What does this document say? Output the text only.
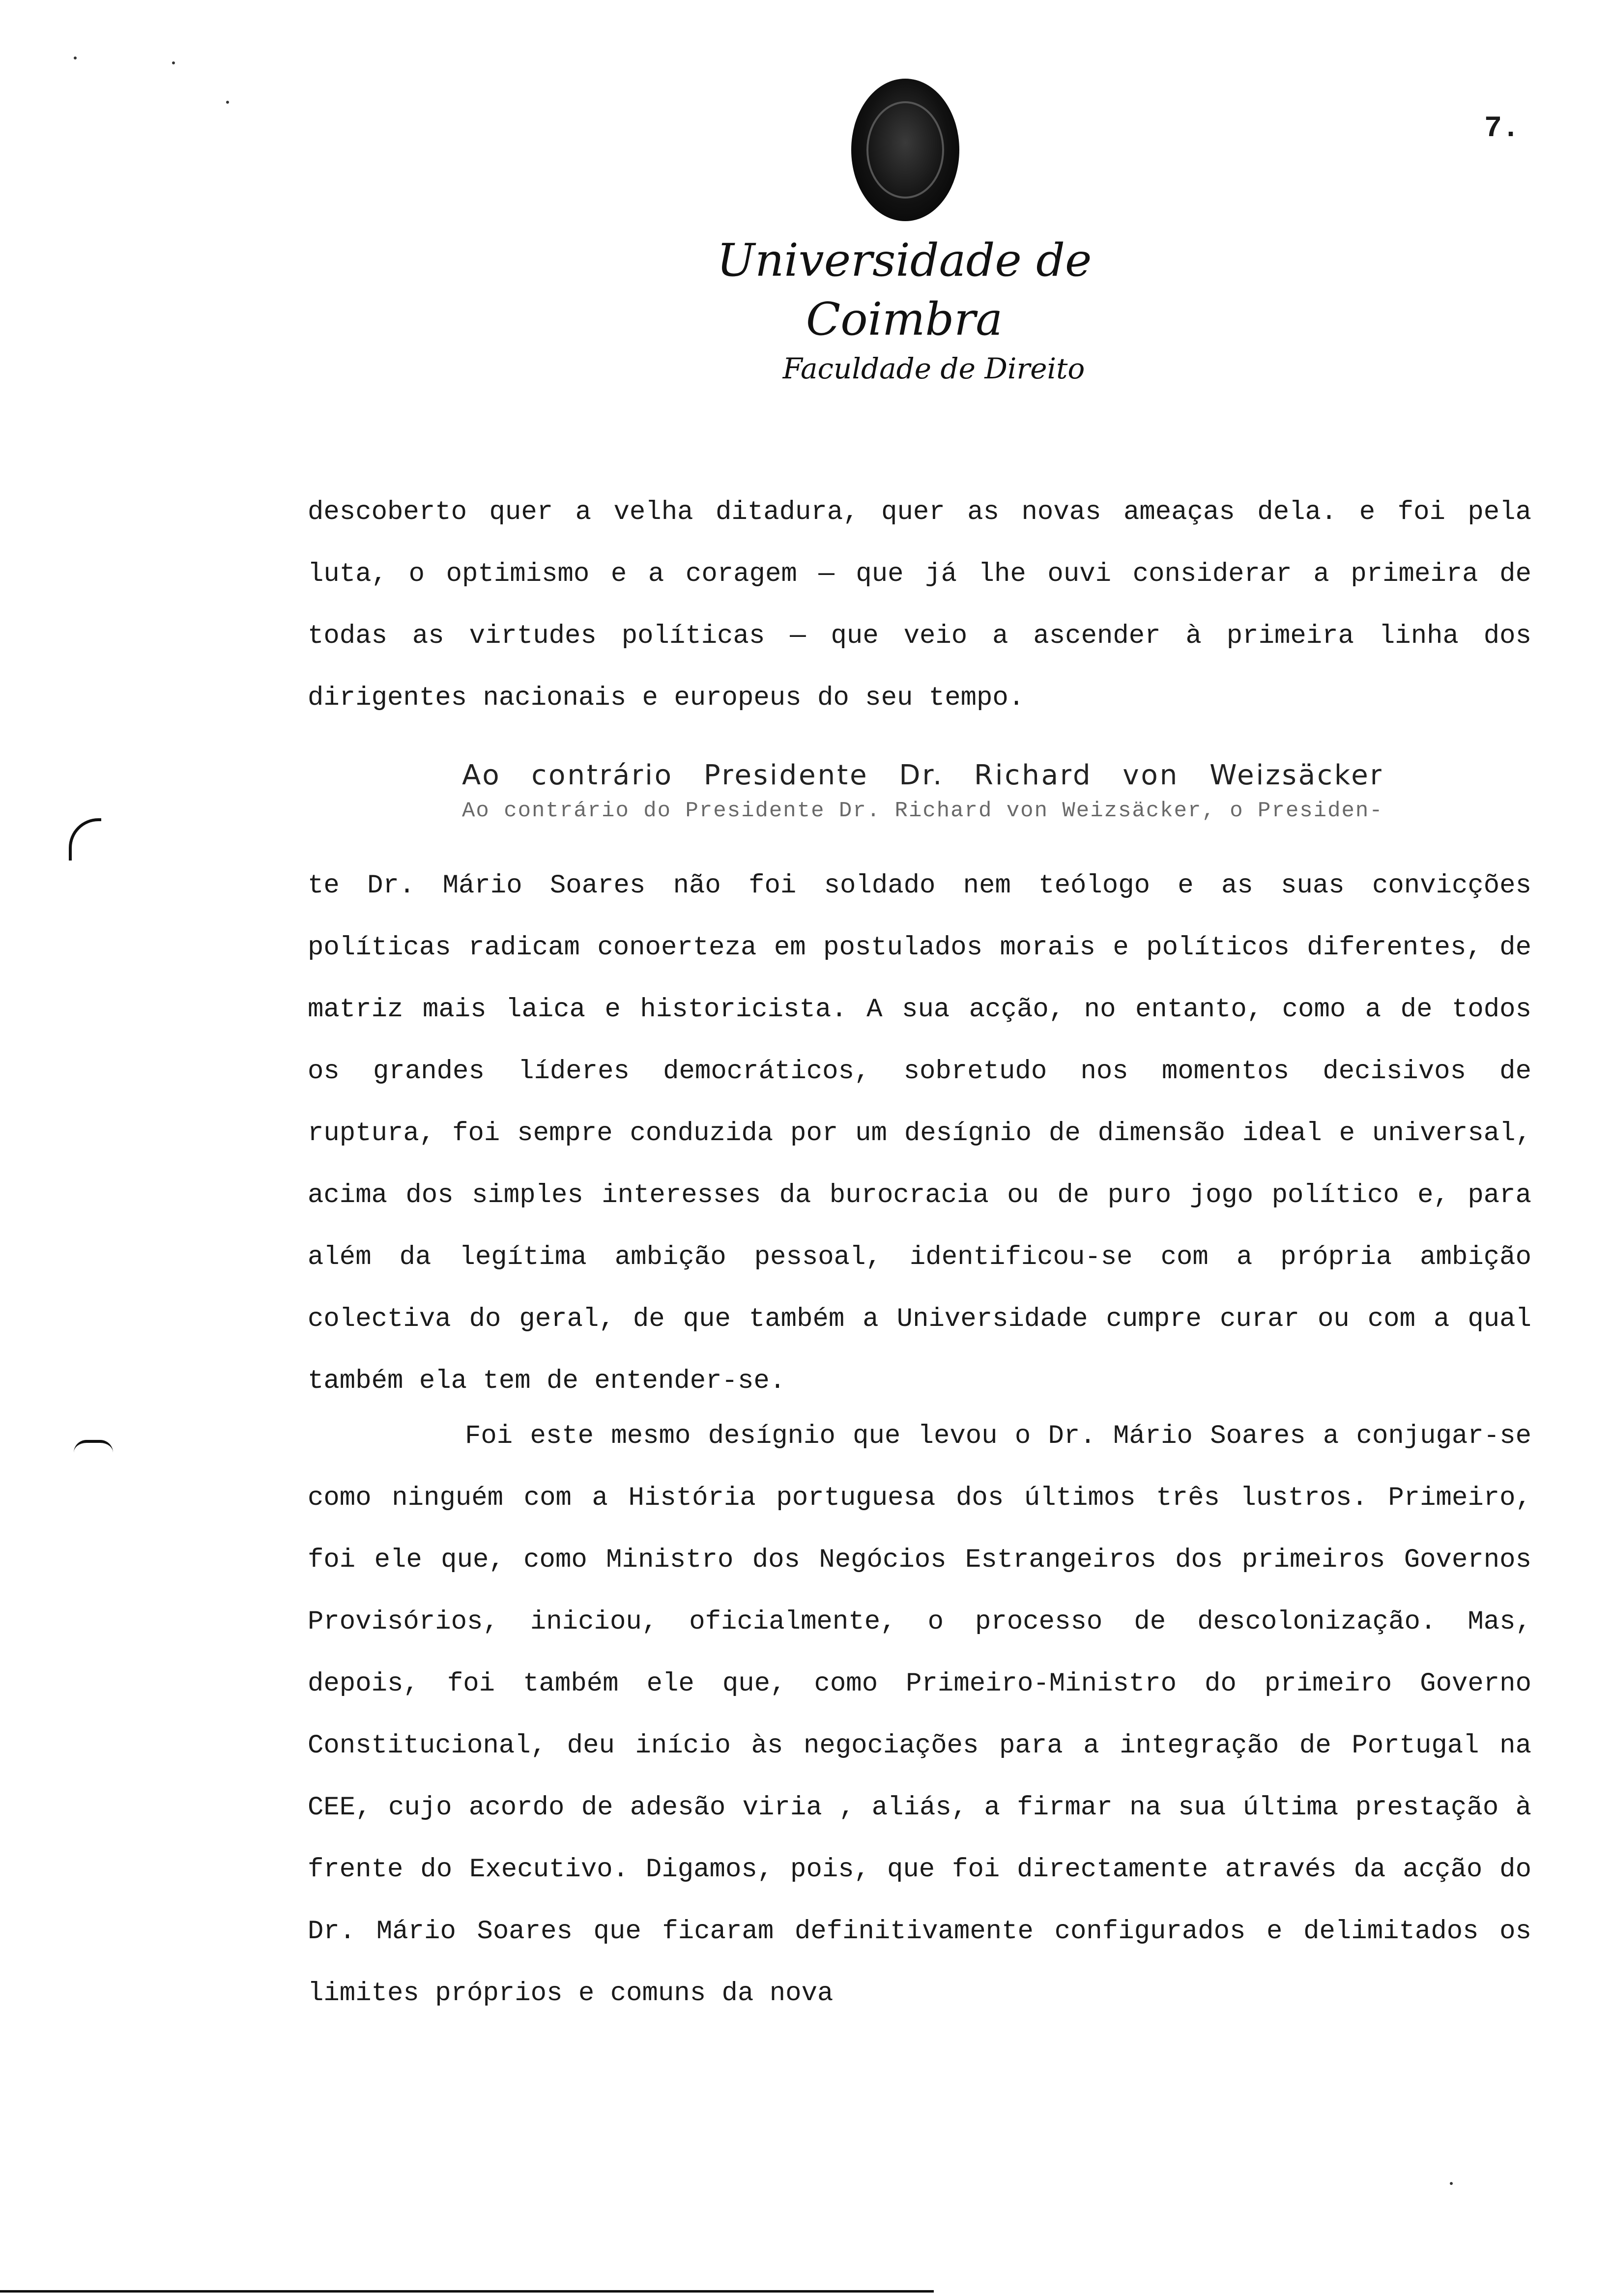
Universidade de Coimbra
Faculdade de Direito
7.
descoberto quer a velha ditadura, quer as novas ameaças dela. e foi pela luta, o optimismo e a coragem — que já lhe ouvi considerar a primeira de todas as virtudes políticas — que veio a ascender à primeira linha dos dirigentes nacionais e europeus do seu tempo.
Ao contrário Presidente Dr. Richard von Weizsäcker
Ao contrário do Presidente Dr. Richard von Weizsäcker, o Presiden-
te Dr. Mário Soares não foi soldado nem teólogo e as suas convicções políticas radicam conoerteza em postulados morais e políticos diferentes, de matriz mais laica e historicista. A sua acção, no entanto, como a de todos os grandes líderes democráticos, sobretudo nos momentos decisivos de ruptura, foi sempre conduzida por um desígnio de dimensão ideal e universal, acima dos simples interesses da burocracia ou de puro jogo político e, para além da legítima ambição pessoal, identificou-se com a própria ambição colectiva do geral, de que também a Universidade cumpre curar ou com a qual também ela tem de entender-se.
Foi este mesmo desígnio que levou o Dr. Mário Soares a conjugar-se como ninguém com a História portuguesa dos últimos três lustros. Primeiro, foi ele que, como Ministro dos Negócios Estrangeiros dos primeiros Governos Provisórios, iniciou, oficialmente, o processo de descolonização. Mas, depois, foi também ele que, como Primeiro-Ministro do primeiro Governo Constitucional, deu início às negociações para a integração de Portugal na CEE, cujo acordo de adesão viria , aliás, a firmar na sua última prestação à frente do Executivo. Digamos, pois, que foi directamente através da acção do Dr. Mário Soares que ficaram definitivamente configurados e delimitados os limites próprios e comuns da nova
